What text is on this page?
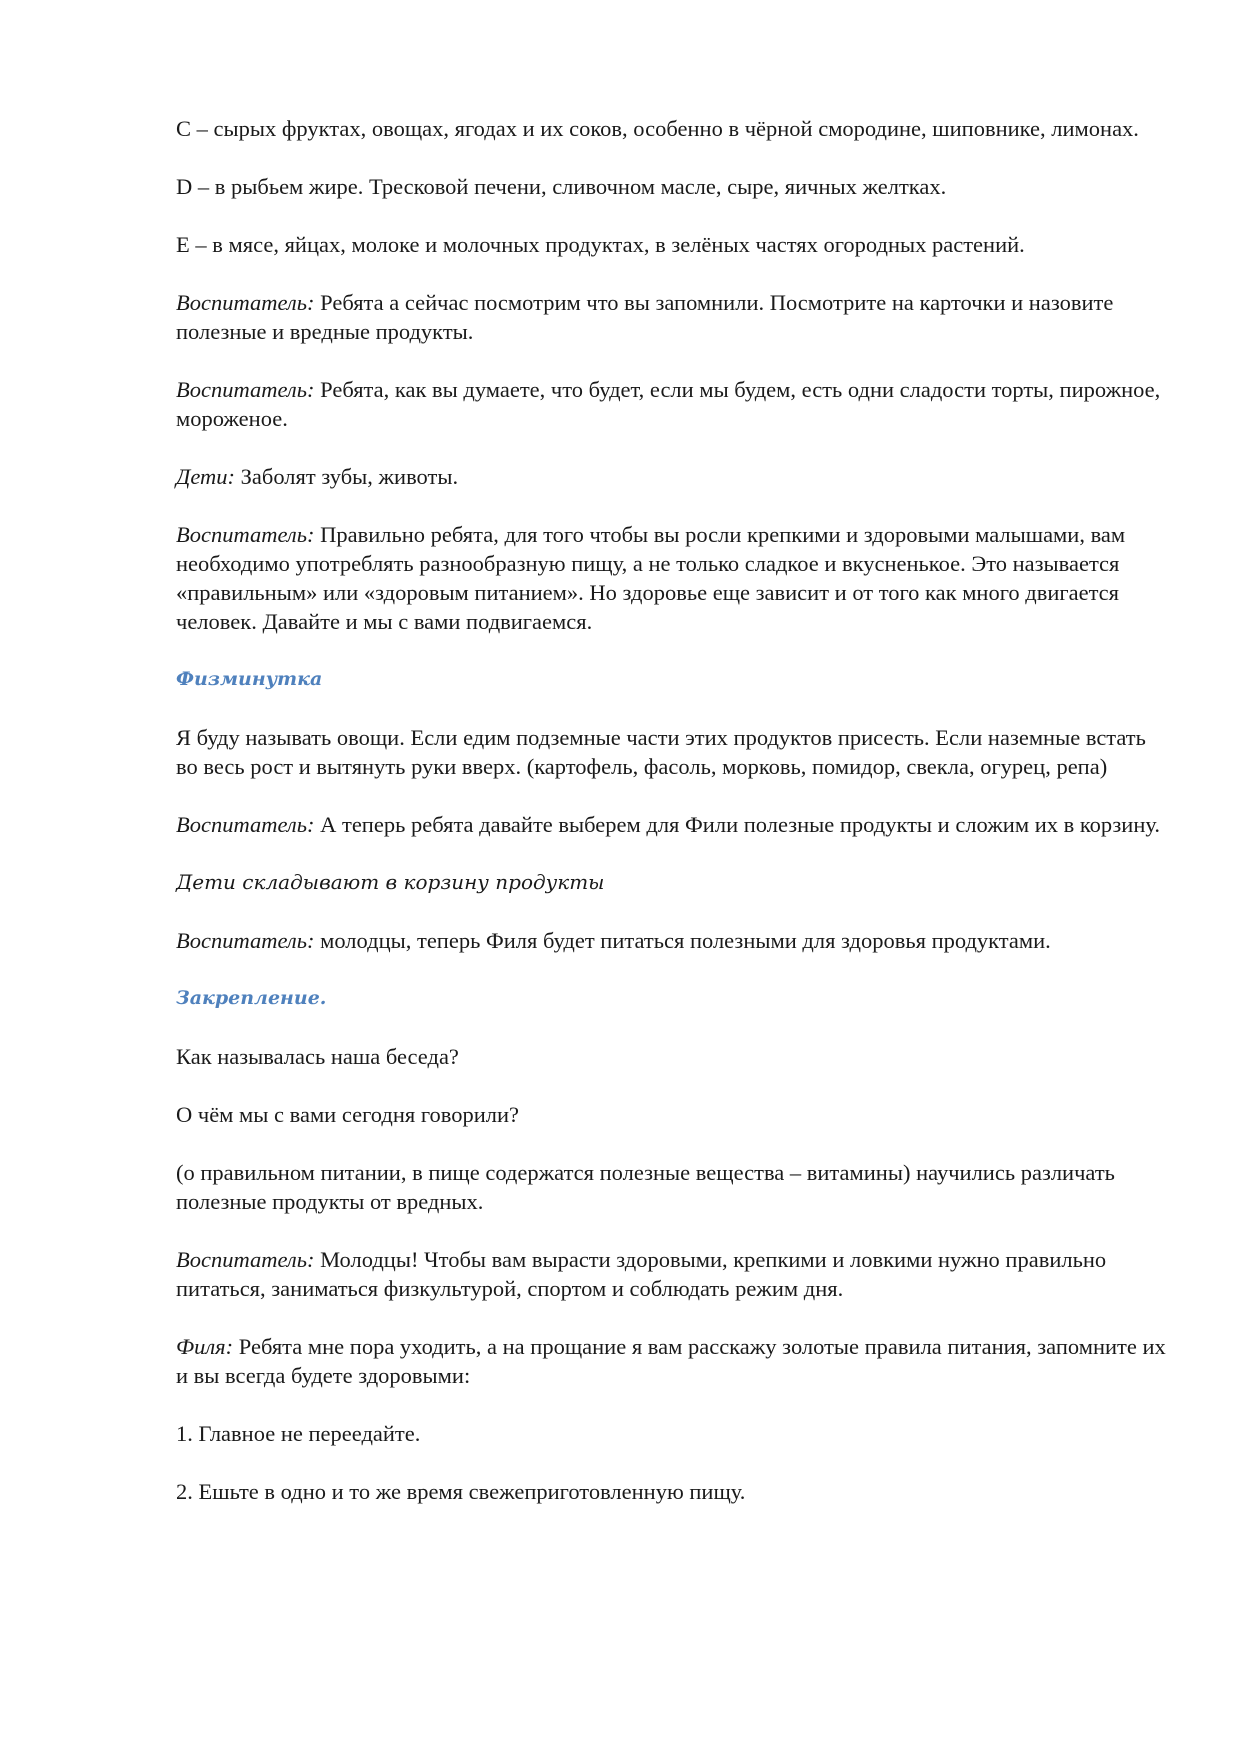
С – сырых фруктах, овощах, ягодах и их соков, особенно в чёрной смородине, шиповнике, лимонах.

D – в рыбьем жире. Тресковой печени, сливочном масле, сыре, яичных желтках.

Е – в мясе, яйцах, молоке и молочных продуктах, в зелёных частях огородных растений.

Воспитатель: Ребята а сейчас посмотрим что вы запомнили. Посмотрите на карточки и назовите полезные и вредные продукты.

Воспитатель: Ребята, как вы думаете, что будет, если мы будем, есть одни сладости торты, пирожное, мороженое.

Дети: Заболят зубы, животы.

Воспитатель: Правильно ребята, для того чтобы вы росли крепкими и здоровыми малышами, вам необходимо употреблять разнообразную пищу, а не только сладкое и вкусненькое. Это называется «правильным» или «здоровым питанием». Но здоровье еще зависит и от того как много двигается человек. Давайте и мы с вами подвигаемся.

Физминутка

Я буду называть овощи. Если едим подземные части этих продуктов присесть. Если наземные встать во весь рост и вытянуть руки вверх. (картофель, фасоль, морковь, помидор, свекла, огурец, репа)

Воспитатель: А теперь ребята давайте выберем для Фили полезные продукты и сложим их в корзину.

Дети складывают в корзину продукты

Воспитатель: молодцы, теперь Филя будет питаться полезными для здоровья продуктами.

Закрепление.

Как называлась наша беседа?

О чём мы с вами сегодня говорили?

(о правильном питании, в пище содержатся полезные вещества – витамины) научились различать полезные продукты от вредных.

Воспитатель: Молодцы! Чтобы вам вырасти здоровыми, крепкими и ловкими нужно правильно питаться, заниматься физкультурой, спортом и соблюдать режим дня.

Филя: Ребята мне пора уходить, а на прощание я вам расскажу золотые правила питания, запомните их и вы всегда будете здоровыми:

1. Главное не переедайте.

2. Ешьте в одно и то же время свежеприготовленную пищу.
